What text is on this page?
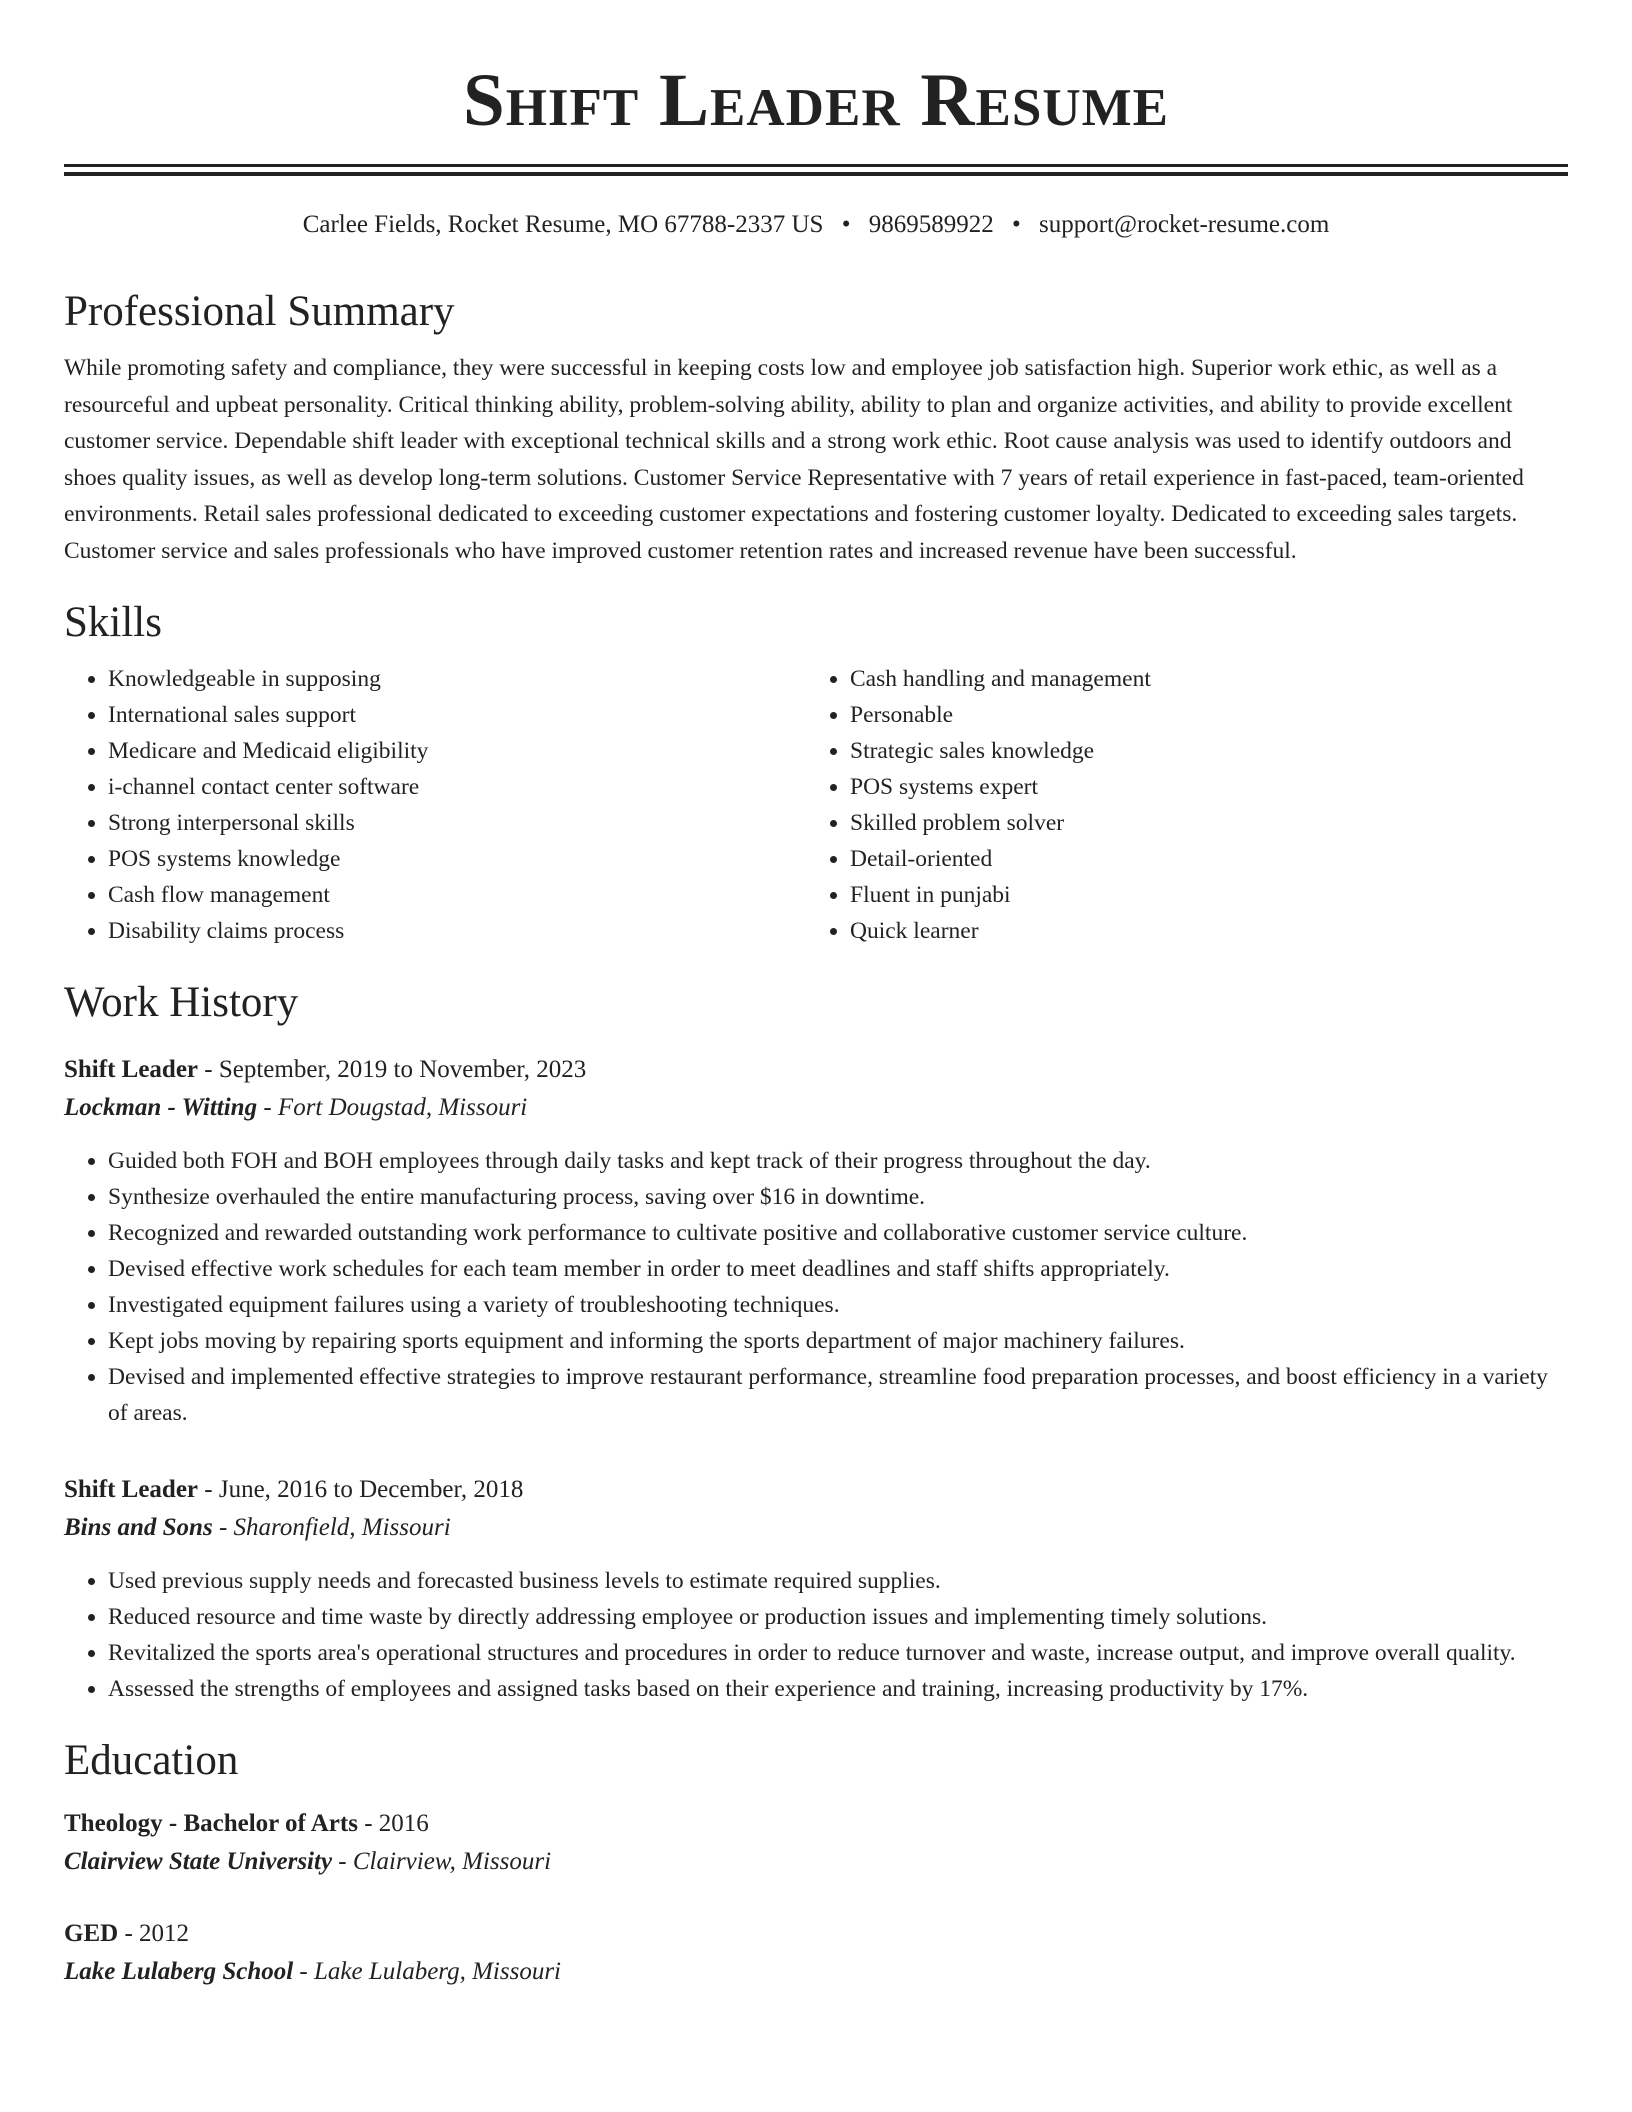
Shift Leader Resume
Carlee Fields, Rocket Resume, MO 67788-2337 US • 9869589922 • support@rocket-resume.com
Professional Summary

While promoting safety and compliance, they were successful in keeping costs low and employee job satisfaction high. Superior work ethic, as well as a resourceful and upbeat personality. Critical thinking ability, problem-solving ability, ability to plan and organize activities, and ability to provide excellent customer service. Dependable shift leader with exceptional technical skills and a strong work ethic. Root cause analysis was used to identify outdoors and shoes quality issues, as well as develop long-term solutions. Customer Service Representative with 7 years of retail experience in fast-paced, team-oriented environments. Retail sales professional dedicated to exceeding customer expectations and fostering customer loyalty. Dedicated to exceeding sales targets. Customer service and sales professionals who have improved customer retention rates and increased revenue have been successful.

Skills
• Knowledgeable in supposing
• International sales support
• Medicare and Medicaid eligibility
• i-channel contact center software
• Strong interpersonal skills
• POS systems knowledge
• Cash flow management
• Disability claims process
• Cash handling and management
• Personable
• Strategic sales knowledge
• POS systems expert
• Skilled problem solver
• Detail-oriented
• Fluent in punjabi
• Quick learner
Work History
Shift Leader - September, 2019 to November, 2023
Lockman - Witting - Fort Dougstad, Missouri
• Guided both FOH and BOH employees through daily tasks and kept track of their progress throughout the day.
• Synthesize overhauled the entire manufacturing process, saving over $16 in downtime.
• Recognized and rewarded outstanding work performance to cultivate positive and collaborative customer service culture.
• Devised effective work schedules for each team member in order to meet deadlines and staff shifts appropriately.
• Investigated equipment failures using a variety of troubleshooting techniques.
• Kept jobs moving by repairing sports equipment and informing the sports department of major machinery failures.
• Devised and implemented effective strategies to improve restaurant performance, streamline food preparation processes, and boost efficiency in a variety of areas.
Shift Leader - June, 2016 to December, 2018
Bins and Sons - Sharonfield, Missouri
• Used previous supply needs and forecasted business levels to estimate required supplies.
• Reduced resource and time waste by directly addressing employee or production issues and implementing timely solutions.
• Revitalized the sports area's operational structures and procedures in order to reduce turnover and waste, increase output, and improve overall quality.
• Assessed the strengths of employees and assigned tasks based on their experience and training, increasing productivity by 17%.
Education
Theology - Bachelor of Arts - 2016
Clairview State University - Clairview, Missouri
GED - 2012
Lake Lulaberg School - Lake Lulaberg, Missouri
